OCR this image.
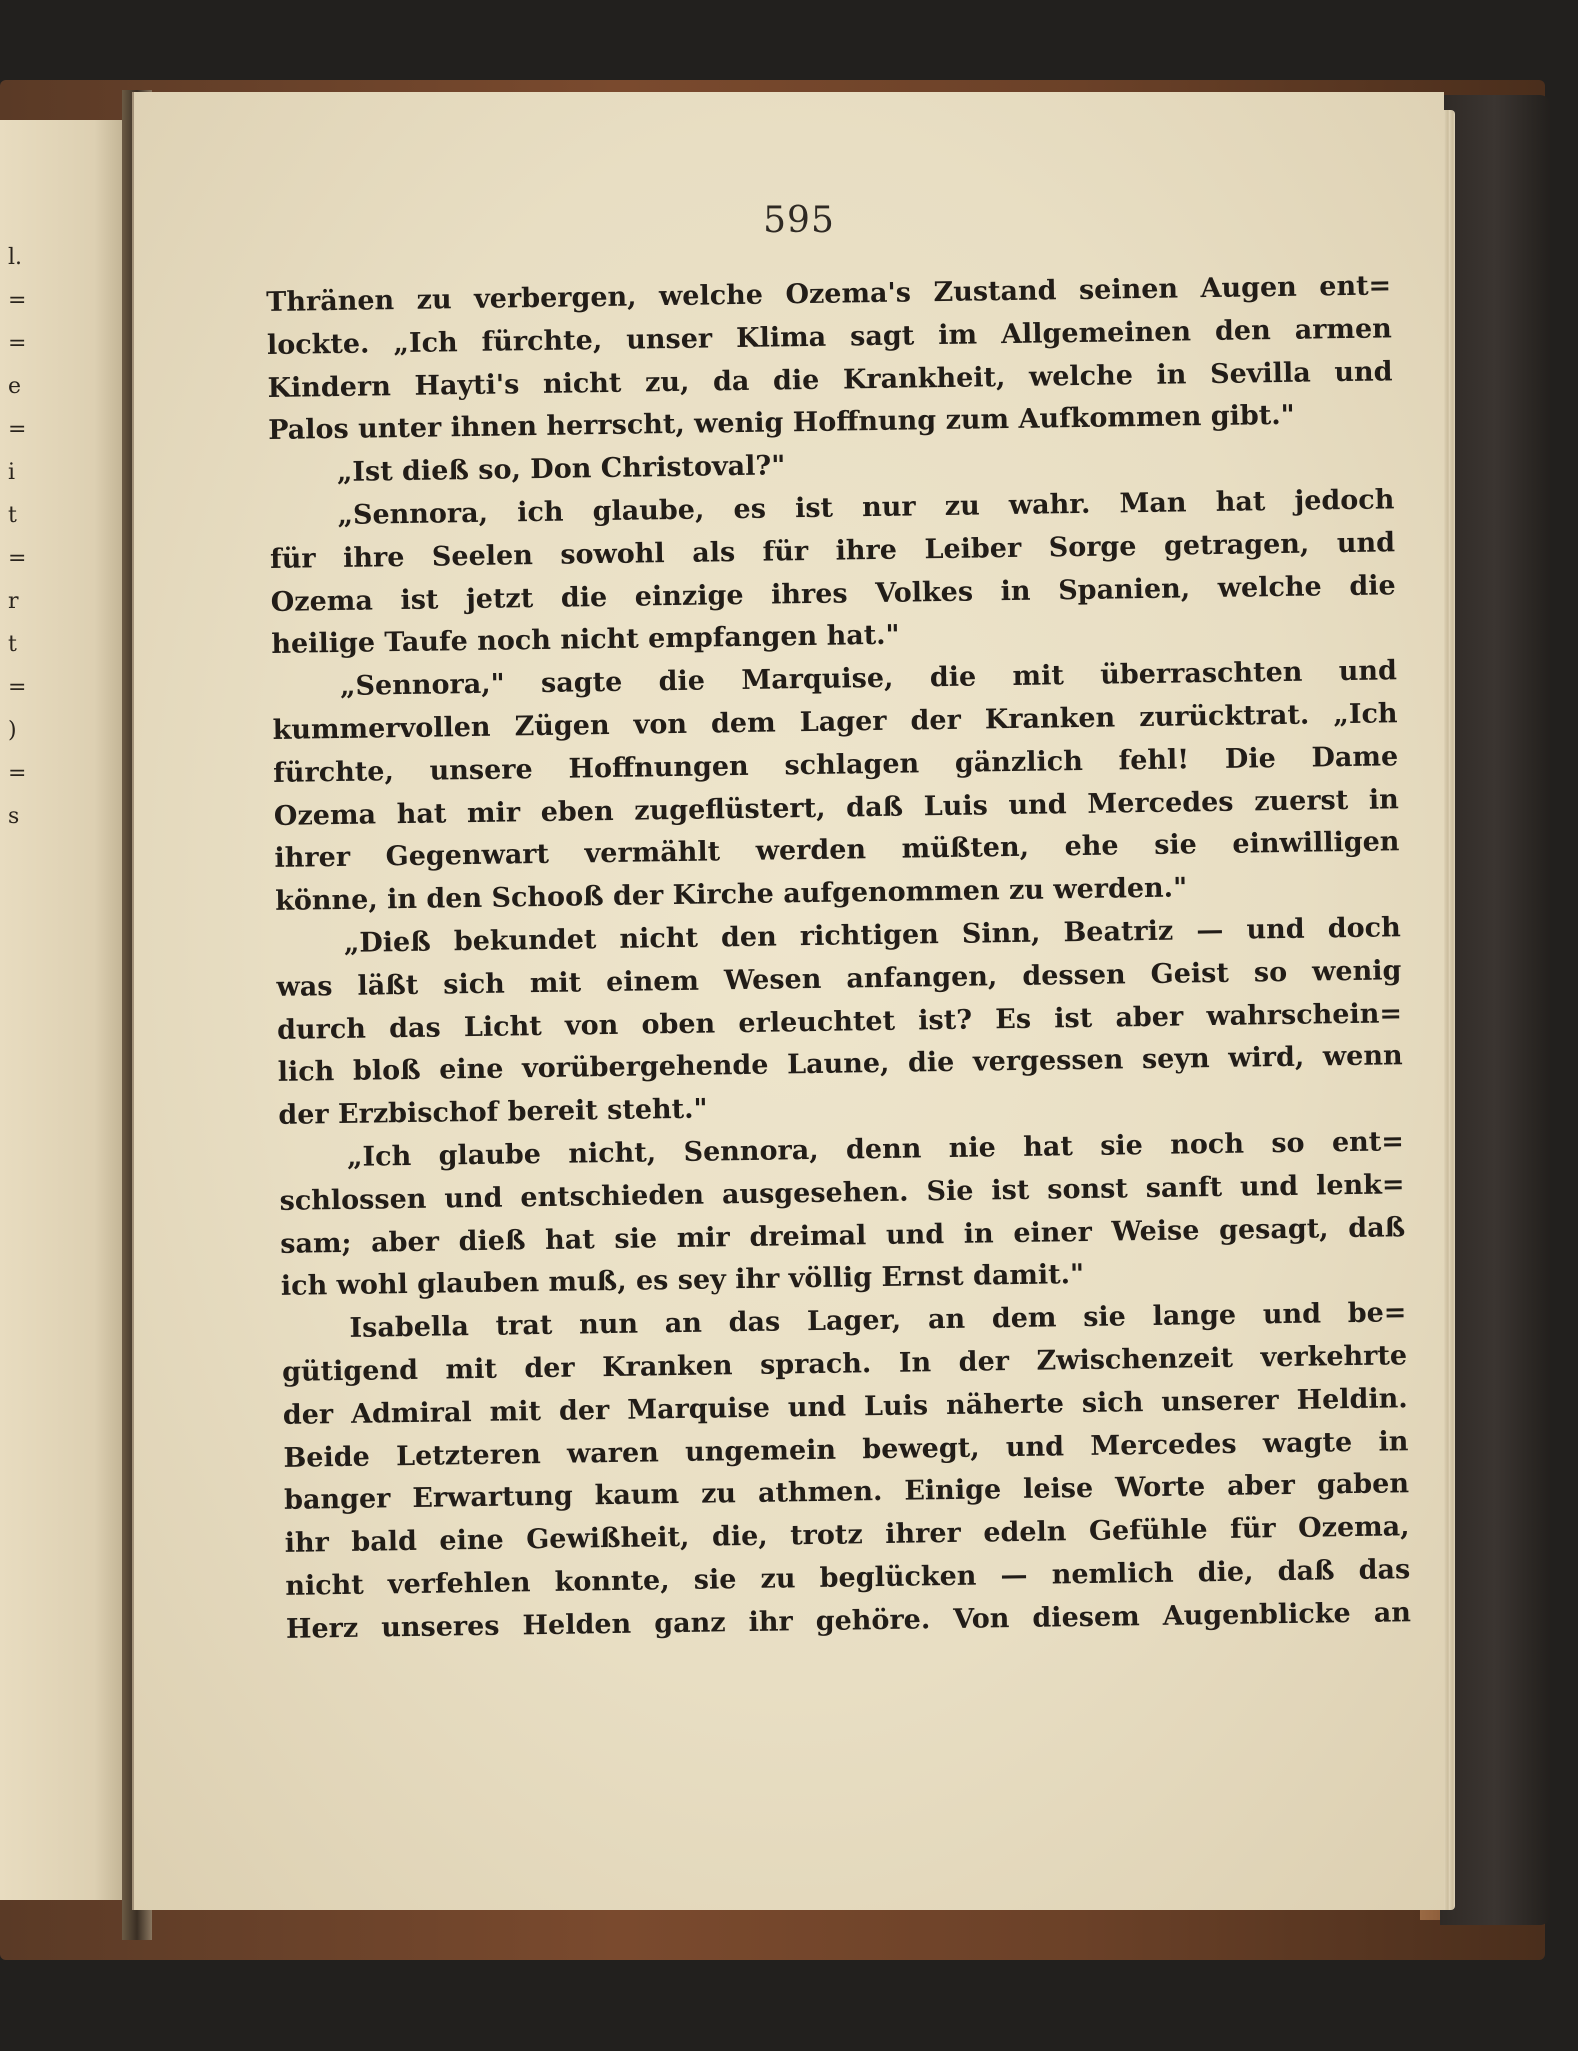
l.
=
=
e
=
i
t
=
r
t
=
)
=
s
595
Thränen zu verbergen, welche Ozema's Zustand seinen Augen ent=
lockte. „Ich fürchte, unser Klima sagt im Allgemeinen den armen
Kindern Hayti's nicht zu, da die Krankheit, welche in Sevilla und
Palos unter ihnen herrscht, wenig Hoffnung zum Aufkommen gibt."
„Ist dieß so, Don Christoval?"
„Sennora, ich glaube, es ist nur zu wahr. Man hat jedoch
für ihre Seelen sowohl als für ihre Leiber Sorge getragen, und
Ozema ist jetzt die einzige ihres Volkes in Spanien, welche die
heilige Taufe noch nicht empfangen hat."
„Sennora," sagte die Marquise, die mit überraschten und
kummervollen Zügen von dem Lager der Kranken zurücktrat. „Ich
fürchte, unsere Hoffnungen schlagen gänzlich fehl! Die Dame
Ozema hat mir eben zugeflüstert, daß Luis und Mercedes zuerst in
ihrer Gegenwart vermählt werden müßten, ehe sie einwilligen
könne, in den Schooß der Kirche aufgenommen zu werden."
„Dieß bekundet nicht den richtigen Sinn, Beatriz — und doch
was läßt sich mit einem Wesen anfangen, dessen Geist so wenig
durch das Licht von oben erleuchtet ist? Es ist aber wahrschein=
lich bloß eine vorübergehende Laune, die vergessen seyn wird, wenn
der Erzbischof bereit steht."
„Ich glaube nicht, Sennora, denn nie hat sie noch so ent=
schlossen und entschieden ausgesehen. Sie ist sonst sanft und lenk=
sam; aber dieß hat sie mir dreimal und in einer Weise gesagt, daß
ich wohl glauben muß, es sey ihr völlig Ernst damit."
Isabella trat nun an das Lager, an dem sie lange und be=
gütigend mit der Kranken sprach. In der Zwischenzeit verkehrte
der Admiral mit der Marquise und Luis näherte sich unserer Heldin.
Beide Letzteren waren ungemein bewegt, und Mercedes wagte in
banger Erwartung kaum zu athmen. Einige leise Worte aber gaben
ihr bald eine Gewißheit, die, trotz ihrer edeln Gefühle für Ozema,
nicht verfehlen konnte, sie zu beglücken — nemlich die, daß das
Herz unseres Helden ganz ihr gehöre. Von diesem Augenblicke an
